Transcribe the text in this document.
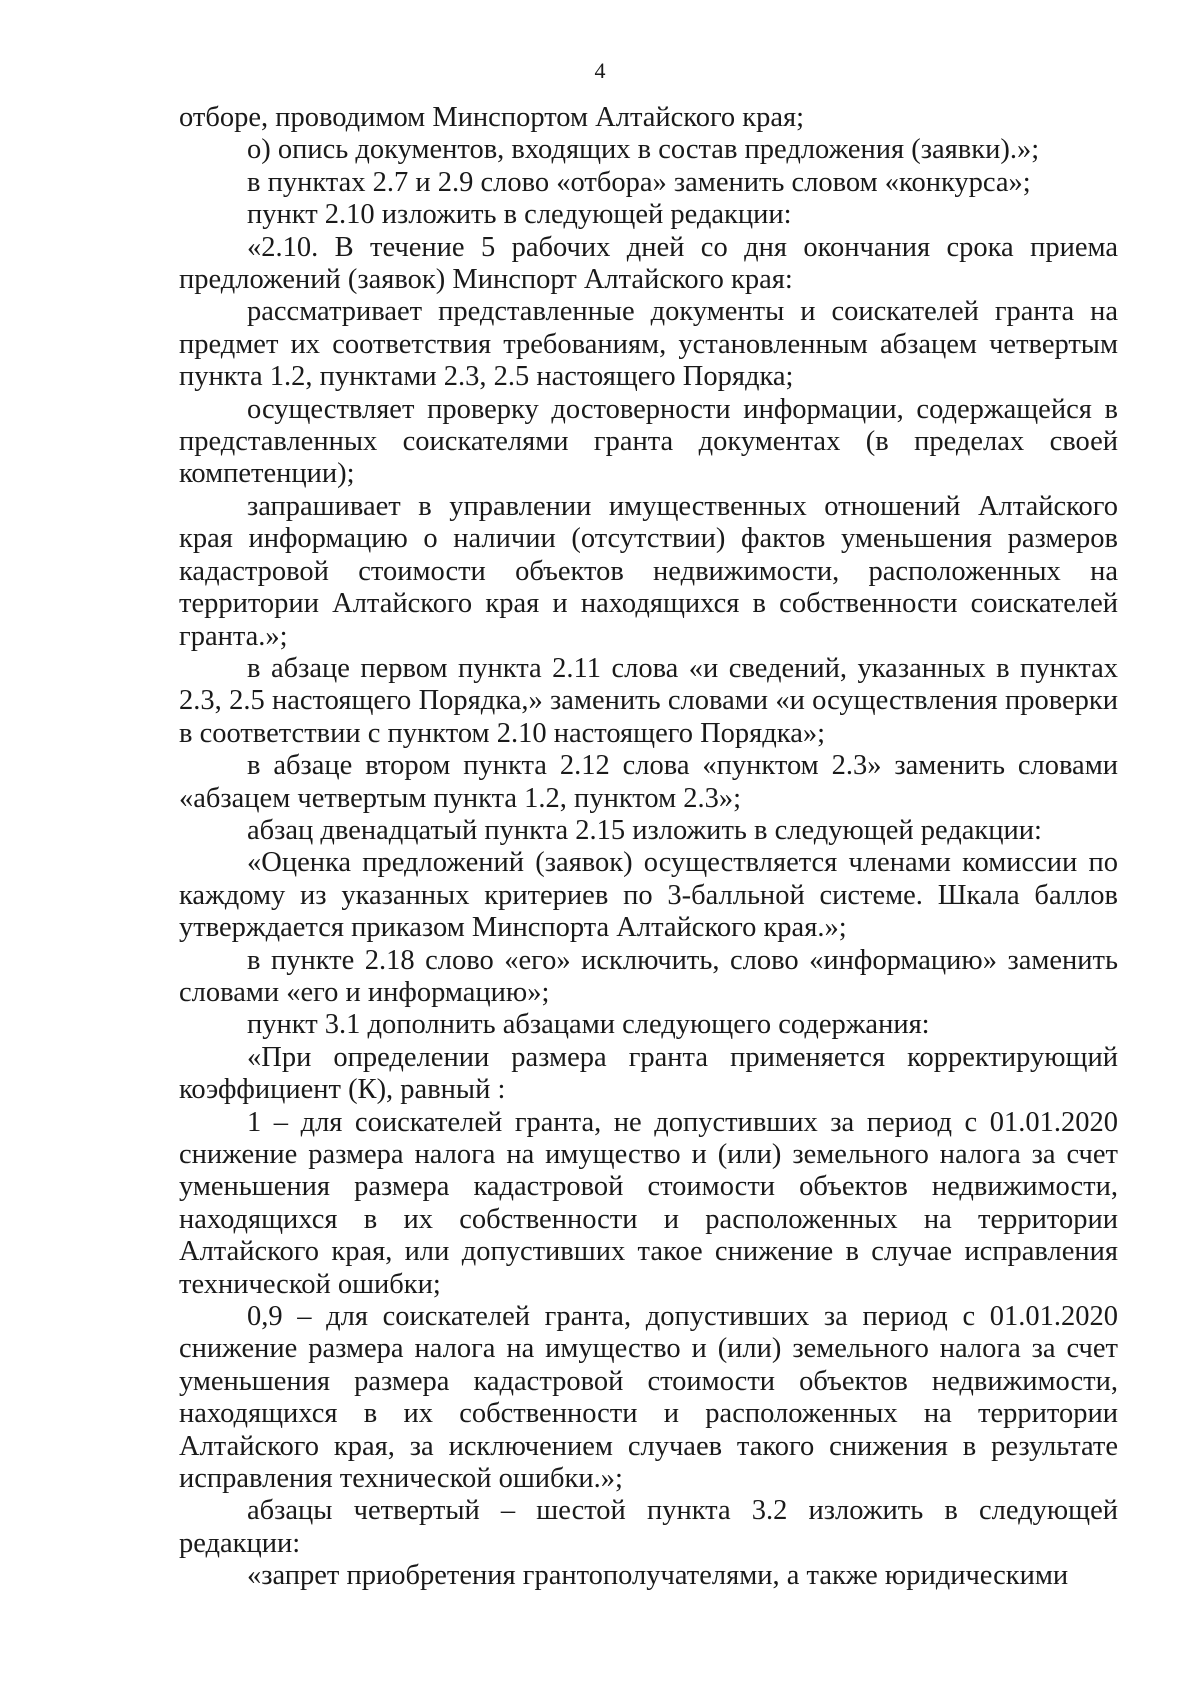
4

отборе, проводимом Минспортом Алтайского края;

о) опись документов, входящих в состав предложения (заявки).»;

в пунктах 2.7 и 2.9 слово «отбора» заменить словом «конкурса»;

пункт 2.10 изложить в следующей редакции:

«2.10. В течение 5 рабочих дней со дня окончания срока приема предложений (заявок) Минспорт Алтайского края:

рассматривает представленные документы и соискателей гранта на предмет их соответствия требованиям, установленным абзацем четвертым пункта 1.2, пунктами 2.3, 2.5 настоящего Порядка;

осуществляет проверку достоверности информации, содержащейся в представленных соискателями гранта документах (в пределах своей компетенции);

запрашивает в управлении имущественных отношений Алтайского края информацию о наличии (отсутствии) фактов уменьшения размеров кадастровой стоимости объектов недвижимости, расположенных на территории Алтайского края и находящихся в собственности соискателей гранта.»;

в абзаце первом пункта 2.11 слова «и сведений, указанных в пунктах 2.3, 2.5 настоящего Порядка,» заменить словами «и осуществления проверки в соответствии с пунктом 2.10 настоящего Порядка»;

в абзаце втором пункта 2.12 слова «пунктом 2.3» заменить словами «абзацем четвертым пункта 1.2, пунктом 2.3»;

абзац двенадцатый пункта 2.15 изложить в следующей редакции:

«Оценка предложений (заявок) осуществляется членами комиссии по каждому из указанных критериев по 3-балльной системе. Шкала баллов утверждается приказом Минспорта Алтайского края.»;

в пункте 2.18 слово «его» исключить, слово «информацию» заменить словами «его и информацию»;

пункт 3.1 дополнить абзацами следующего содержания:

«При определении размера гранта применяется корректирующий коэффициент (К), равный :

1 – для соискателей гранта, не допустивших за период с 01.01.2020 снижение размера налога на имущество и (или) земельного налога за счет уменьшения размера кадастровой стоимости объектов недвижимости, находящихся в их собственности и расположенных на территории Алтайского края, или допустивших такое снижение в случае исправления технической ошибки;

0,9 – для соискателей гранта, допустивших за период с 01.01.2020 снижение размера налога на имущество и (или) земельного налога за счет уменьшения размера кадастровой стоимости объектов недвижимости, находящихся в их собственности и расположенных на территории Алтайского края, за исключением случаев такого снижения в результате исправления технической ошибки.»;

абзацы четвертый – шестой пункта 3.2 изложить в следующей редакции:

«запрет приобретения грантополучателями, а также юридическими
